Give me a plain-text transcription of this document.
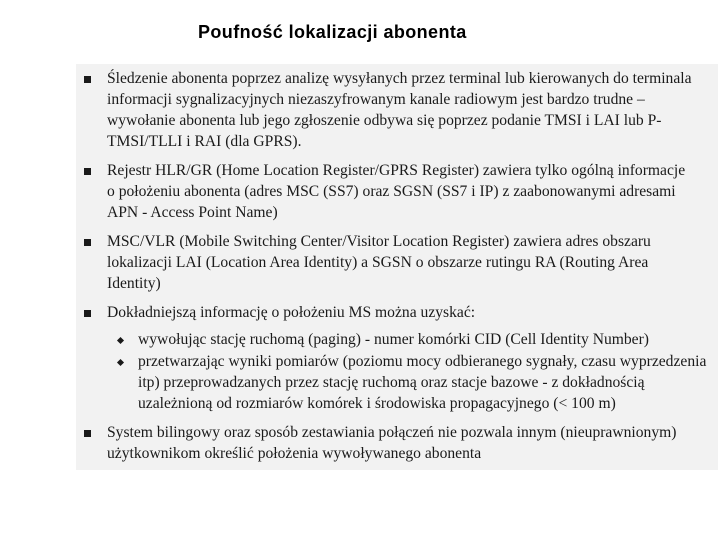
Poufność lokalizacji abonenta
Śledzenie abonenta poprzez analizę wysyłanych przez terminal lub kierowanych do terminala informacji sygnalizacyjnych niezaszyfrowanym kanale radiowym jest bardzo trudne – wywołanie abonenta lub jego zgłoszenie odbywa się poprzez podanie TMSI i LAI lub P-TMSI/TLLI i RAI (dla GPRS).
Rejestr HLR/GR (Home Location Register/GPRS Register) zawiera tylko ogólną informacje o położeniu abonenta (adres MSC (SS7) oraz SGSN (SS7 i IP) z zaabonowanymi adresami APN - Access Point Name)
MSC/VLR (Mobile Switching Center/Visitor Location Register) zawiera adres obszaru lokalizacji LAI (Location Area Identity) a SGSN o obszarze rutingu RA (Routing Area Identity)
Dokładniejszą informację o położeniu MS można uzyskać:
System bilingowy oraz sposób zestawiania połączeń nie pozwala innym (nieuprawnionym) użytkownikom określić położenia wywoływanego abonenta
wywołując stację ruchomą (paging) - numer komórki CID (Cell Identity Number)
przetwarzając wyniki pomiarów (poziomu mocy odbieranego sygnały, czasu wyprzedzenia itp) przeprowadzanych przez stację ruchomą oraz stacje bazowe - z dokładnością uzależnioną od rozmiarów komórek i środowiska propagacyjnego (< 100 m)
